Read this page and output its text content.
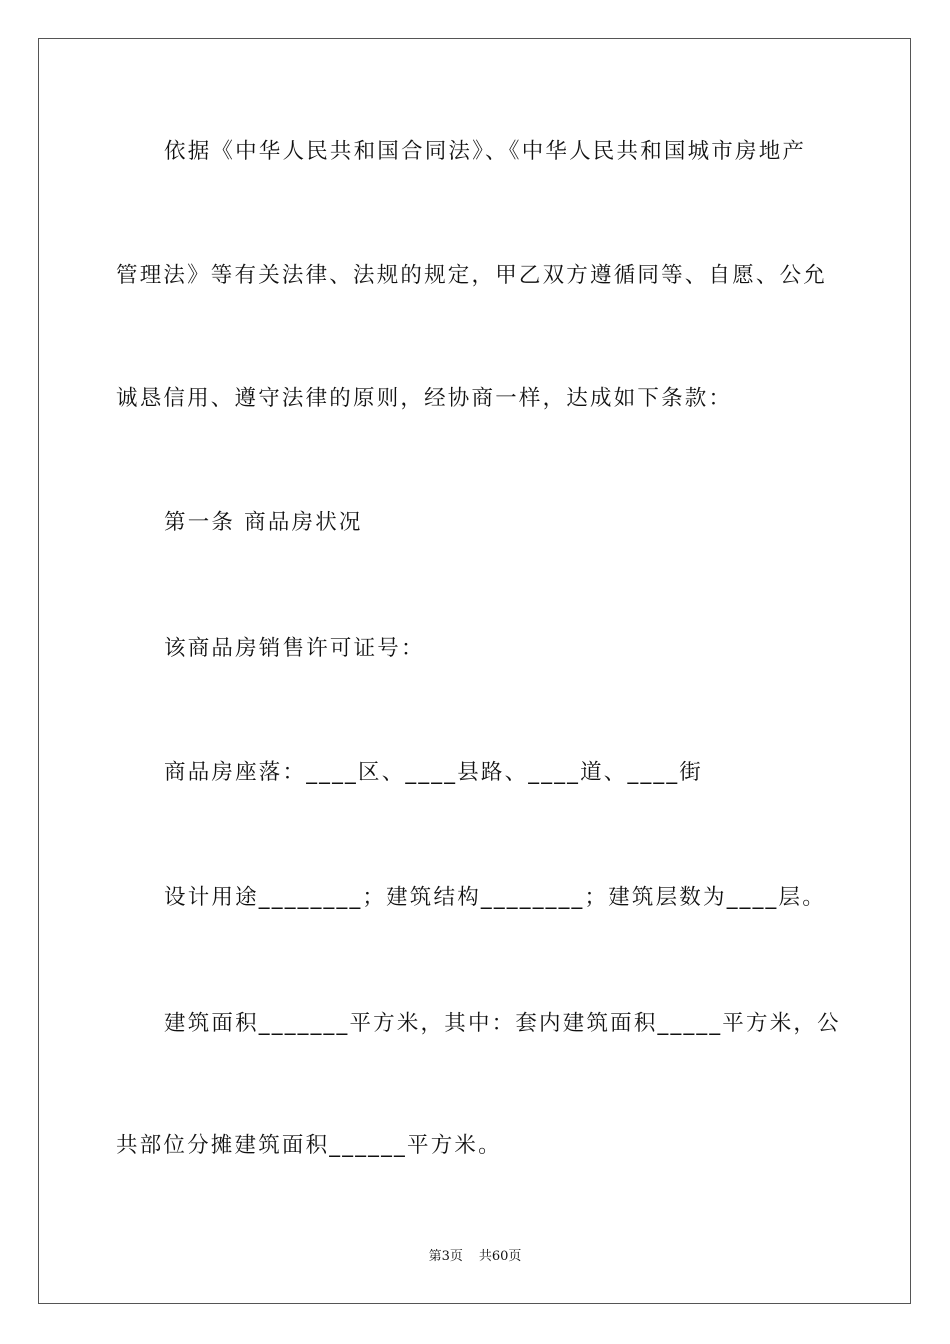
依据《中华人民共和国合同法》、《中华人民共和国城市房地产
管理法》等有关法律、法规的规定，甲乙双方遵循同等、自愿、公允
诚恳信用、遵守法律的原则，经协商一样，达成如下条款：
第一条 商品房状况
该商品房销售许可证号：
商品房座落：____区、____县路、____道、____街
设计用途________；建筑结构________；建筑层数为____层。
建筑面积_______平方米，其中：套内建筑面积_____平方米，公
共部位分摊建筑面积______平方米。
第3页 共60页
